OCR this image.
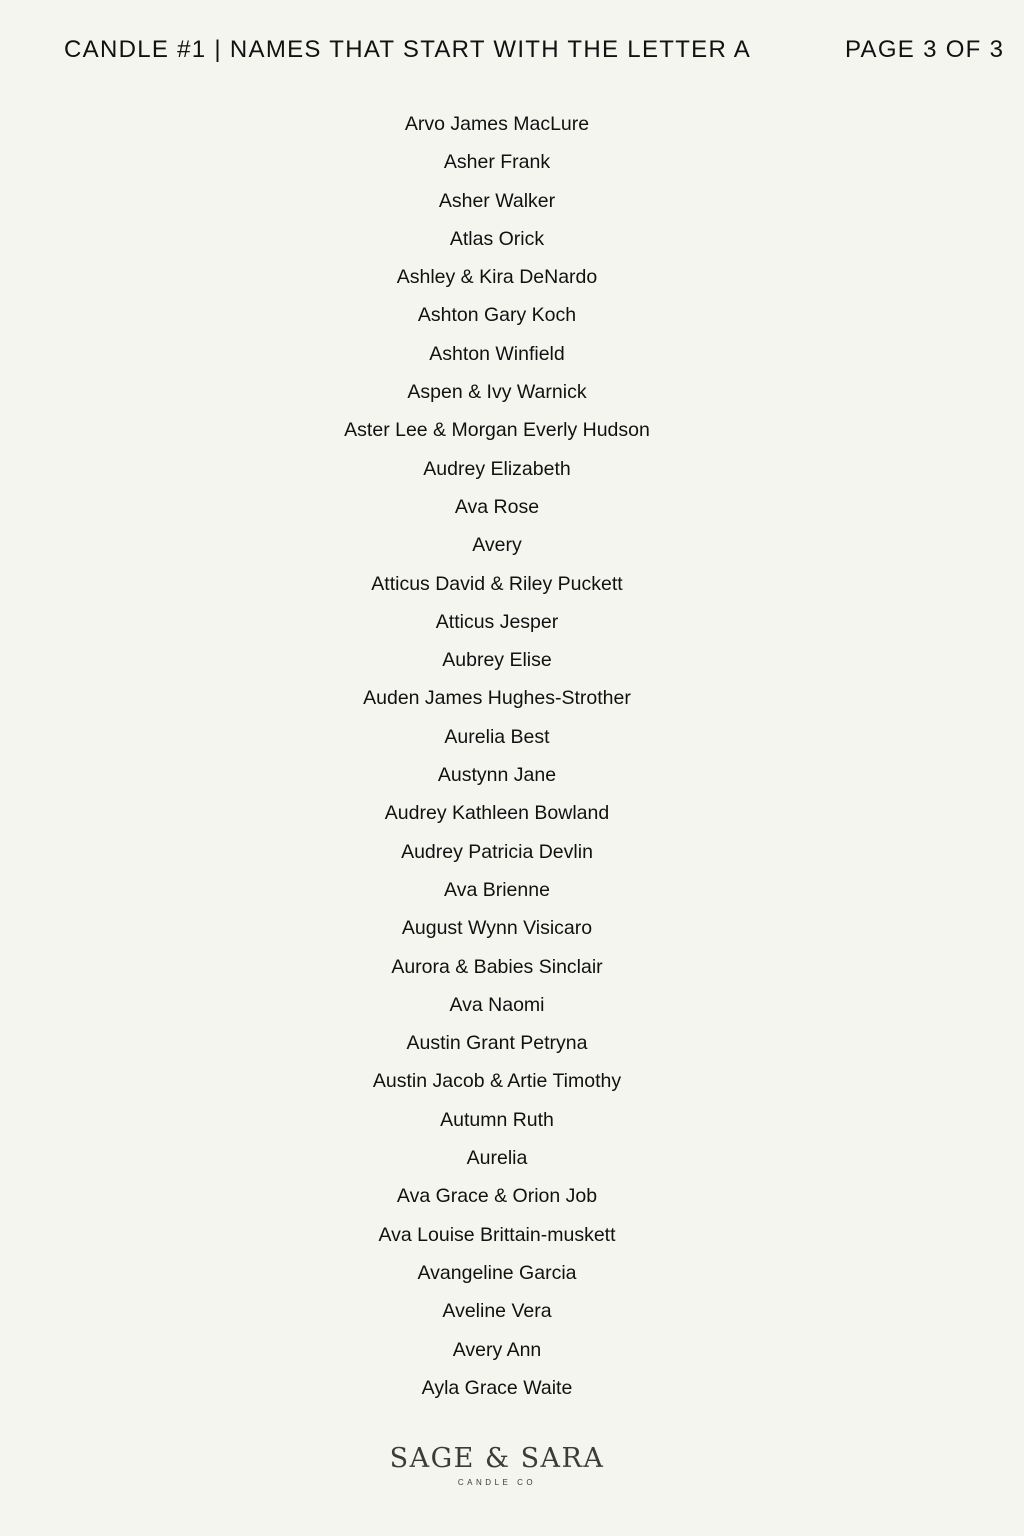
CANDLE #1 | NAMES THAT START WITH THE LETTER A	PAGE 3 OF 3
Arvo James MacLure
Asher Frank
Asher Walker
Atlas Orick
Ashley & Kira DeNardo
Ashton Gary Koch
Ashton Winfield
Aspen & Ivy Warnick
Aster Lee & Morgan Everly Hudson
Audrey Elizabeth
Ava Rose
Avery
Atticus David & Riley Puckett
Atticus Jesper
Aubrey Elise
Auden James Hughes-Strother
Aurelia Best
Austynn Jane
Audrey Kathleen Bowland
Audrey Patricia Devlin
Ava Brienne
August Wynn Visicaro
Aurora & Babies Sinclair
Ava Naomi
Austin Grant Petryna
Austin Jacob & Artie Timothy
Autumn Ruth
Aurelia
Ava Grace & Orion Job
Ava Louise Brittain-muskett
Avangeline Garcia
Aveline Vera
Avery Ann
Ayla Grace Waite
SAGE & SARA
CANDLE CO
